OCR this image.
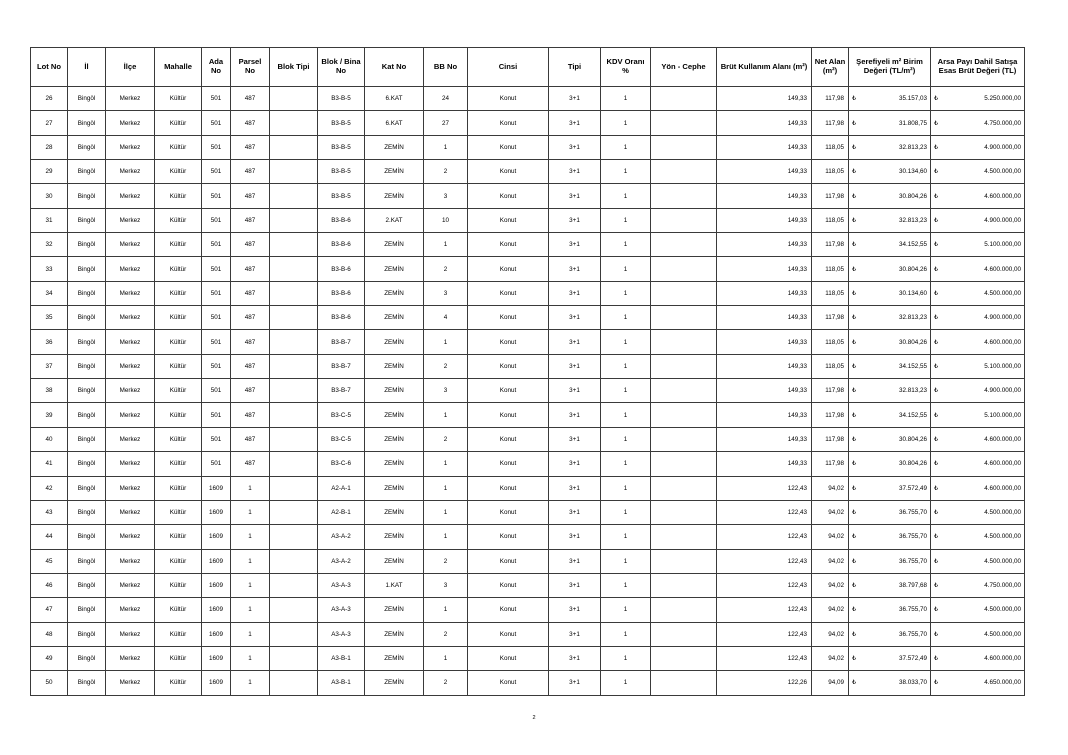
Lot No	İl	İlçe	Mahalle	Ada No	Parsel No	Blok Tipi	Blok / Bina No	Kat No	BB No	Cinsi	Tipi	KDV Oranı %	Yön - Cephe	Brüt Kullanım Alanı (m²)	Net Alan (m²)	Şerefiyeli m² Birim Değeri (TL/m²)	Arsa Payı Dahil Satışa Esas Brüt Değeri (TL)
26	Bingöl	Merkez	Kültür	501	487		B3-B-5	6.KAT	24	Konut	3+1	1		149,33	117,98	₺ 35.157,03	₺ 5.250.000,00

27	Bingöl	Merkez	Kültür	501	487		B3-B-5	6.KAT	27	Konut	3+1	1		149,33	117,98	₺ 31.808,75	₺ 4.750.000,00

28	Bingöl	Merkez	Kültür	501	487		B3-B-5	ZEMİN	1	Konut	3+1	1		149,33	118,05	₺ 32.813,23	₺ 4.900.000,00

29	Bingöl	Merkez	Kültür	501	487		B3-B-5	ZEMİN	2	Konut	3+1	1		149,33	118,05	₺ 30.134,60	₺ 4.500.000,00

30	Bingöl	Merkez	Kültür	501	487		B3-B-5	ZEMİN	3	Konut	3+1	1		149,33	117,98	₺ 30.804,26	₺ 4.600.000,00

31	Bingöl	Merkez	Kültür	501	487		B3-B-6	2.KAT	10	Konut	3+1	1		149,33	118,05	₺ 32.813,23	₺ 4.900.000,00

32	Bingöl	Merkez	Kültür	501	487		B3-B-6	ZEMİN	1	Konut	3+1	1		149,33	117,98	₺ 34.152,55	₺ 5.100.000,00

33	Bingöl	Merkez	Kültür	501	487		B3-B-6	ZEMİN	2	Konut	3+1	1		149,33	118,05	₺ 30.804,26	₺ 4.600.000,00

34	Bingöl	Merkez	Kültür	501	487		B3-B-6	ZEMİN	3	Konut	3+1	1		149,33	118,05	₺ 30.134,60	₺ 4.500.000,00

35	Bingöl	Merkez	Kültür	501	487		B3-B-6	ZEMİN	4	Konut	3+1	1		149,33	117,98	₺ 32.813,23	₺ 4.900.000,00

36	Bingöl	Merkez	Kültür	501	487		B3-B-7	ZEMİN	1	Konut	3+1	1		149,33	118,05	₺ 30.804,26	₺ 4.600.000,00

37	Bingöl	Merkez	Kültür	501	487		B3-B-7	ZEMİN	2	Konut	3+1	1		149,33	118,05	₺ 34.152,55	₺ 5.100.000,00

38	Bingöl	Merkez	Kültür	501	487		B3-B-7	ZEMİN	3	Konut	3+1	1		149,33	117,98	₺ 32.813,23	₺ 4.900.000,00

39	Bingöl	Merkez	Kültür	501	487		B3-C-5	ZEMİN	1	Konut	3+1	1		149,33	117,98	₺ 34.152,55	₺ 5.100.000,00

40	Bingöl	Merkez	Kültür	501	487		B3-C-5	ZEMİN	2	Konut	3+1	1		149,33	117,98	₺ 30.804,26	₺ 4.600.000,00

41	Bingöl	Merkez	Kültür	501	487		B3-C-6	ZEMİN	1	Konut	3+1	1		149,33	117,98	₺ 30.804,26	₺ 4.600.000,00

42	Bingöl	Merkez	Kültür	1609	1		A2-A-1	ZEMİN	1	Konut	3+1	1		122,43	94,02	₺ 37.572,49	₺ 4.600.000,00

43	Bingöl	Merkez	Kültür	1609	1		A2-B-1	ZEMİN	1	Konut	3+1	1		122,43	94,02	₺ 36.755,70	₺ 4.500.000,00

44	Bingöl	Merkez	Kültür	1609	1		A3-A-2	ZEMİN	1	Konut	3+1	1		122,43	94,02	₺ 36.755,70	₺ 4.500.000,00

45	Bingöl	Merkez	Kültür	1609	1		A3-A-2	ZEMİN	2	Konut	3+1	1		122,43	94,02	₺ 36.755,70	₺ 4.500.000,00

46	Bingöl	Merkez	Kültür	1609	1		A3-A-3	1.KAT	3	Konut	3+1	1		122,43	94,02	₺ 38.797,68	₺ 4.750.000,00

47	Bingöl	Merkez	Kültür	1609	1		A3-A-3	ZEMİN	1	Konut	3+1	1		122,43	94,02	₺ 36.755,70	₺ 4.500.000,00

48	Bingöl	Merkez	Kültür	1609	1		A3-A-3	ZEMİN	2	Konut	3+1	1		122,43	94,02	₺ 36.755,70	₺ 4.500.000,00

49	Bingöl	Merkez	Kültür	1609	1		A3-B-1	ZEMİN	1	Konut	3+1	1		122,43	94,02	₺ 37.572,49	₺ 4.600.000,00

50	Bingöl	Merkez	Kültür	1609	1		A3-B-1	ZEMİN	2	Konut	3+1	1		122,26	94,09	₺ 38.033,70	₺ 4.650.000,00
2
